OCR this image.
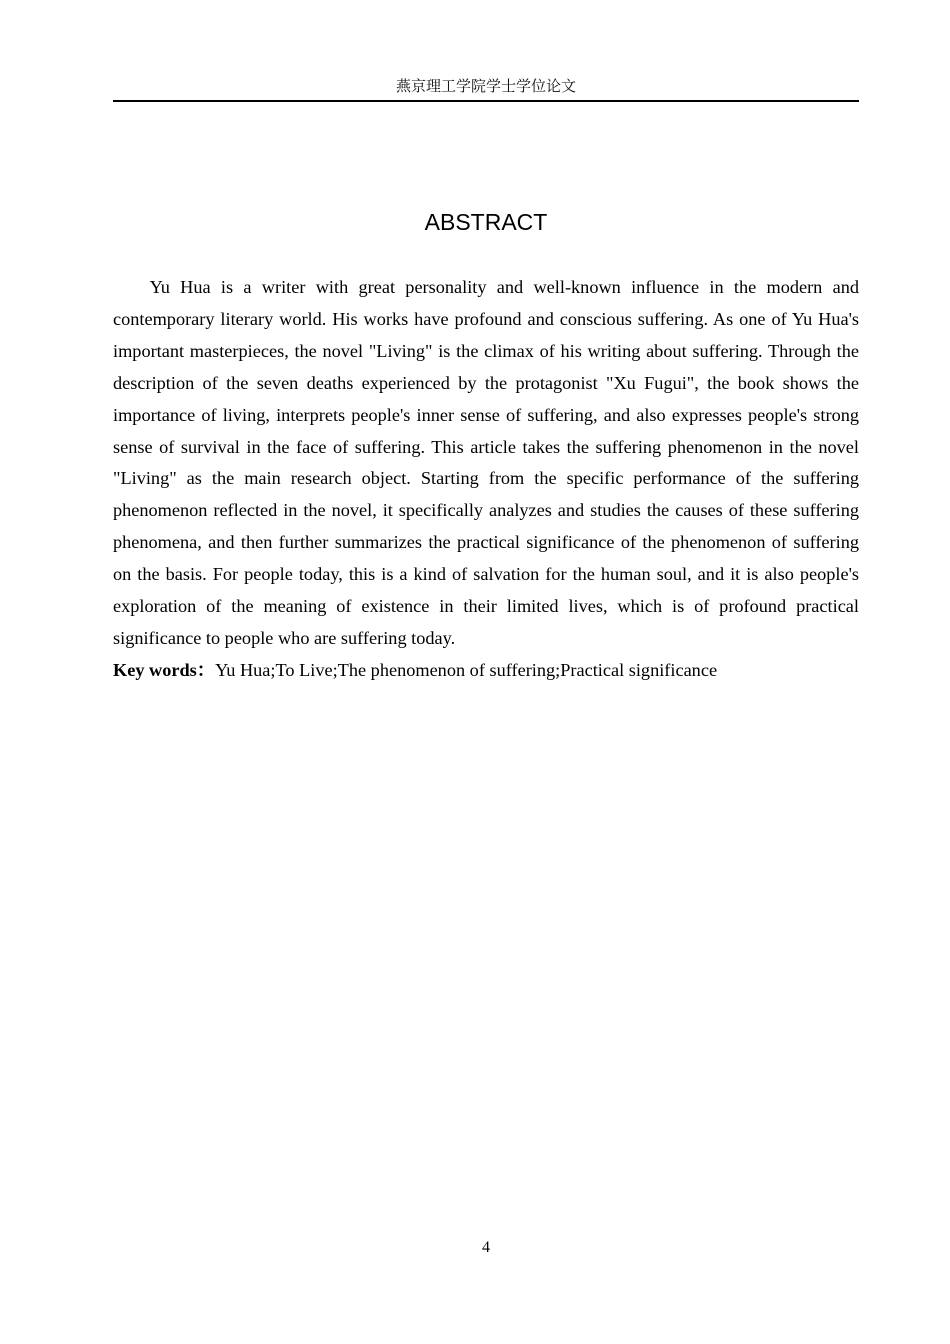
燕京理工学院学士学位论文
ABSTRACT

Yu Hua is a writer with great personality and well-known influence in the modern and contemporary literary world. His works have profound and conscious suffering. As one of Yu Hua's important masterpieces, the novel "Living" is the climax of his writing about suffering. Through the description of the seven deaths experienced by the protagonist "Xu Fugui", the book shows the importance of living, interprets people's inner sense of suffering, and also expresses people's strong sense of survival in the face of suffering. This article takes the suffering phenomenon in the novel "Living" as the main research object. Starting from the specific performance of the suffering phenomenon reflected in the novel, it specifically analyzes and studies the causes of these suffering phenomena, and then further summarizes the practical significance of the phenomenon of suffering on the basis. For people today, this is a kind of salvation for the human soul, and it is also people's exploration of the meaning of existence in their limited lives, which is of profound practical significance to people who are suffering today.

Key words：Yu Hua;To Live;The phenomenon of suffering;Practical significance

4
